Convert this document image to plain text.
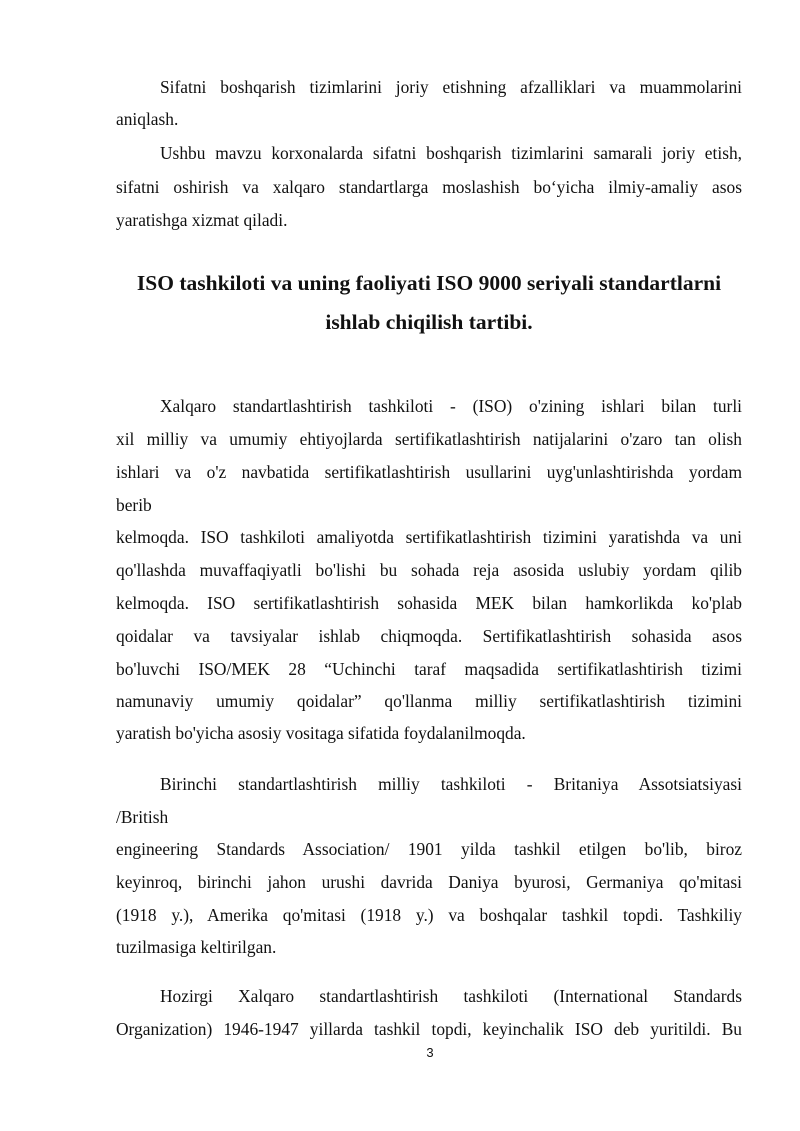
Sifatni boshqarish tizimlarini joriy etishning afzalliklari va muammolarini
aniqlash.
Ushbu mavzu korxonalarda sifatni boshqarish tizimlarini samarali joriy etish,
sifatni oshirish va xalqaro standartlarga moslashish bo‘yicha ilmiy-amaliy asos
yaratishga xizmat qiladi.
ISO tashkiloti va uning faoliyati ISO 9000 seriyali standartlarni
ishlab chiqilish tartibi.
Xalqaro standartlashtirish tashkiloti - (ISO) o'zining ishlari bilan turli
xil milliy va umumiy ehtiyojlarda sertifikatlashtirish natijalarini o'zaro tan olish
ishlari va o'z navbatida sertifikatlashtirish usullarini uyg'unlashtirishda yordam
berib
kelmoqda. ISO tashkiloti amaliyotda sertifikatlashtirish tizimini yaratishda va uni
qo'llashda muvaffaqiyatli bo'lishi bu sohada reja asosida uslubiy yordam qilib
kelmoqda. ISO sertifikatlashtirish sohasida MEK bilan hamkorlikda ko'plab
qoidalar va tavsiyalar ishlab chiqmoqda. Sertifikatlashtirish sohasida asos
bo'luvchi ISO/MEK 28 “Uchinchi taraf maqsadida sertifikatlashtirish tizimi
namunaviy umumiy qoidalar” qo'llanma milliy sertifikatlashtirish tizimini
yaratish bo'yicha asosiy vositaga sifatida foydalanilmoqda.
Birinchi standartlashtirish milliy tashkiloti - Britaniya Assotsiatsiyasi
/British
engineering Standards Association/ 1901 yilda tashkil etilgen bo'lib, biroz
keyinroq, birinchi jahon urushi davrida Daniya byurosi, Germaniya qo'mitasi
(1918 y.), Amerika qo'mitasi (1918 y.) va boshqalar tashkil topdi. Tashkiliy
tuzilmasiga keltirilgan.
Hozirgi Xalqaro standartlashtirish tashkiloti (International Standards
Organization) 1946-1947 yillarda tashkil topdi, keyinchalik ISO deb yuritildi. Bu
3
